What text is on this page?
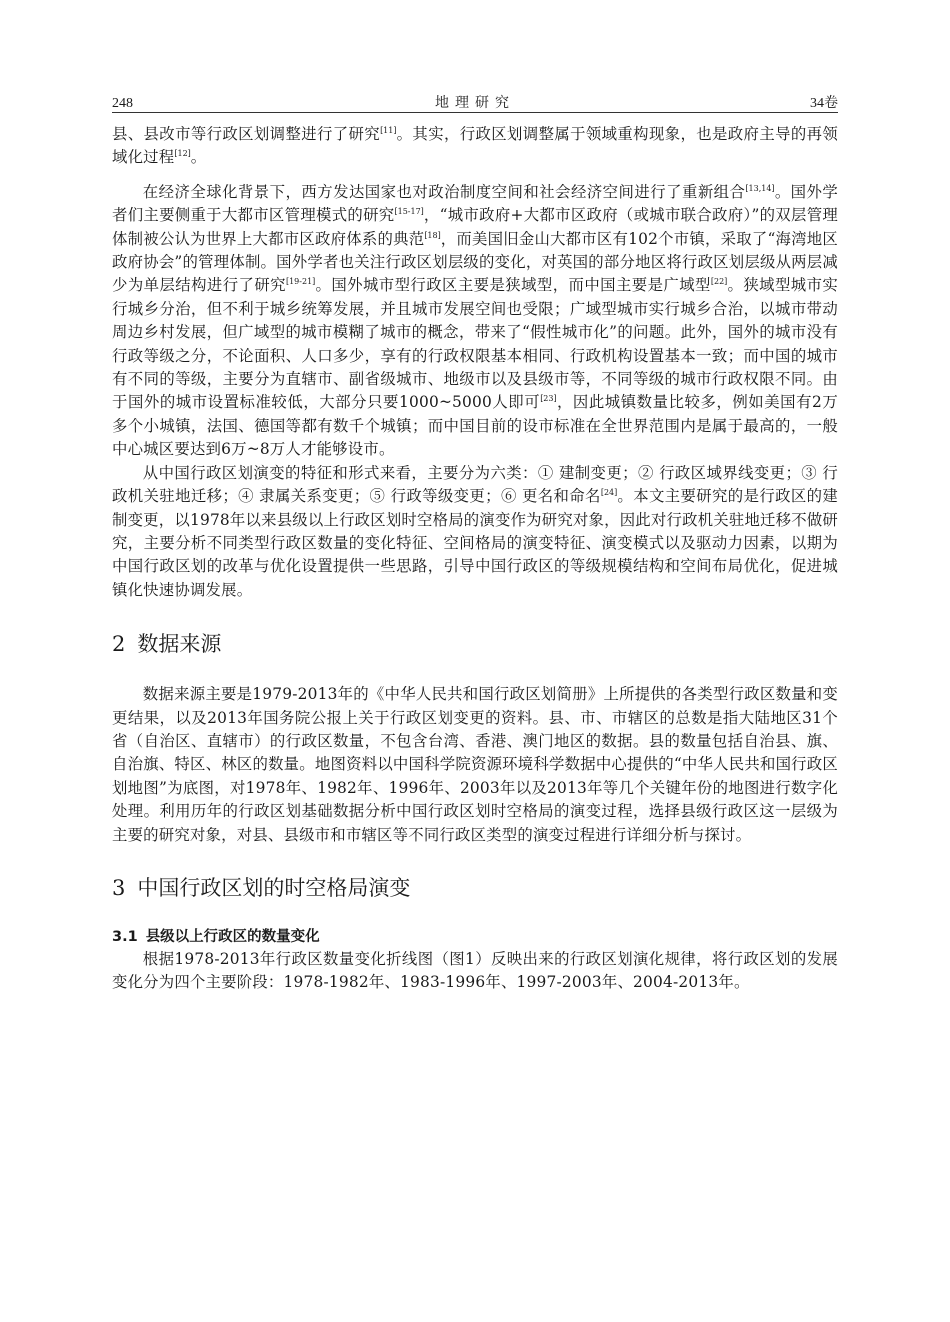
248	地理研究	34卷

县、县改市等行政区划调整进行了研究[11]。其实，行政区划调整属于领域重构现象，也是政府主导的再领域化过程[12]。

在经济全球化背景下，西方发达国家也对政治制度空间和社会经济空间进行了重新组合[13,14]。国外学者们主要侧重于大都市区管理模式的研究[15-17]，“城市政府+大都市区政府（或城市联合政府）”的双层管理体制被公认为世界上大都市区政府体系的典范[18]，而美国旧金山大都市区有102个市镇，采取了“海湾地区政府协会”的管理体制。国外学者也关注行政区划层级的变化，对英国的部分地区将行政区划层级从两层减少为单层结构进行了研究[19-21]。国外城市型行政区主要是狭域型，而中国主要是广域型[22]。狭域型城市实行城乡分治，但不利于城乡统筹发展，并且城市发展空间也受限；广域型城市实行城乡合治，以城市带动周边乡村发展，但广域型的城市模糊了城市的概念，带来了“假性城市化”的问题。此外，国外的城市没有行政等级之分，不论面积、人口多少，享有的行政权限基本相同、行政机构设置基本一致；而中国的城市有不同的等级，主要分为直辖市、副省级城市、地级市以及县级市等，不同等级的城市行政权限不同。由于国外的城市设置标准较低，大部分只要1000~5000人即可[23]，因此城镇数量比较多，例如美国有2万多个小城镇，法国、德国等都有数千个城镇；而中国目前的设市标准在全世界范围内是属于最高的，一般中心城区要达到6万~8万人才能够设市。

从中国行政区划演变的特征和形式来看，主要分为六类：① 建制变更；② 行政区域界线变更；③ 行政机关驻地迁移；④ 隶属关系变更；⑤ 行政等级变更；⑥ 更名和命名[24]。本文主要研究的是行政区的建制变更，以1978年以来县级以上行政区划时空格局的演变作为研究对象，因此对行政机关驻地迁移不做研究，主要分析不同类型行政区数量的变化特征、空间格局的演变特征、演变模式以及驱动力因素，以期为中国行政区划的改革与优化设置提供一些思路，引导中国行政区的等级规模结构和空间布局优化，促进城镇化快速协调发展。

2 数据来源

数据来源主要是1979-2013年的《中华人民共和国行政区划简册》上所提供的各类型行政区数量和变更结果，以及2013年国务院公报上关于行政区划变更的资料。县、市、市辖区的总数是指大陆地区31个省（自治区、直辖市）的行政区数量，不包含台湾、香港、澳门地区的数据。县的数量包括自治县、旗、自治旗、特区、林区的数量。地图资料以中国科学院资源环境科学数据中心提供的“中华人民共和国行政区划地图”为底图，对1978年、1982年、1996年、2003年以及2013年等几个关键年份的地图进行数字化处理。利用历年的行政区划基础数据分析中国行政区划时空格局的演变过程，选择县级行政区这一层级为主要的研究对象，对县、县级市和市辖区等不同行政区类型的演变过程进行详细分析与探讨。

3 中国行政区划的时空格局演变
3.1 县级以上行政区的数量变化

根据1978-2013年行政区数量变化折线图（图1）反映出来的行政区划演化规律，将行政区划的发展变化分为四个主要阶段：1978-1982年、1983-1996年、1997-2003年、2004-2013年。
